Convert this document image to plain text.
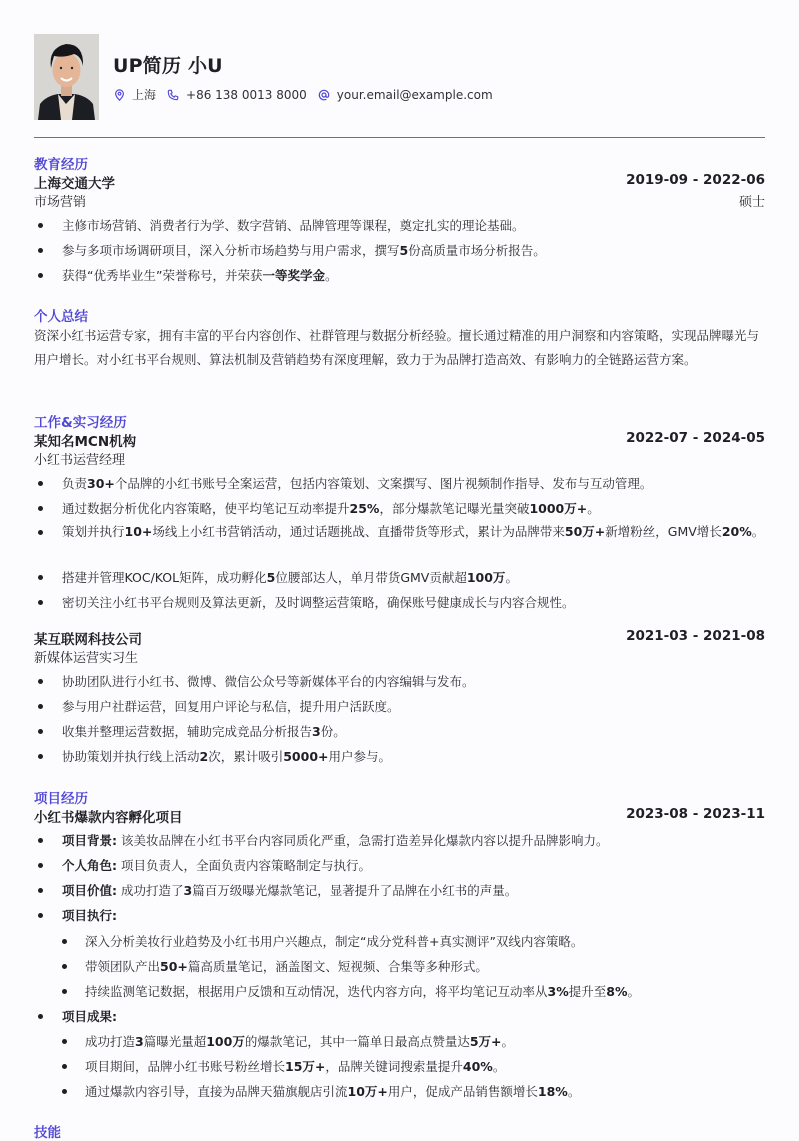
UP简历 小U
上海	+86 138 0013 8000	your.email@example.com
教育经历
上海交通大学	2019-09 - 2022-06
市场营销	硕士
主修市场营销、消费者行为学、数字营销、品牌管理等课程，奠定扎实的理论基础。
参与多项市场调研项目，深入分析市场趋势与用户需求，撰写5份高质量市场分析报告。
获得“优秀毕业生”荣誉称号，并荣获一等奖学金。
个人总结
资深小红书运营专家，拥有丰富的平台内容创作、社群管理与数据分析经验。擅长通过精准的用户洞察和内容策略，实现品牌曝光与用户增长。对小红书平台规则、算法机制及营销趋势有深度理解，致力于为品牌打造高效、有影响力的全链路运营方案。
工作&实习经历
某知名MCN机构	2022-07 - 2024-05
小红书运营经理
负责30+个品牌的小红书账号全案运营，包括内容策划、文案撰写、图片视频制作指导、发布与互动管理。
通过数据分析优化内容策略，使平均笔记互动率提升25%，部分爆款笔记曝光量突破1000万+。
策划并执行10+场线上小红书营销活动，通过话题挑战、直播带货等形式，累计为品牌带来50万+新增粉丝，GMV增长20%。
搭建并管理KOC/KOL矩阵，成功孵化5位腰部达人，单月带货GMV贡献超100万。
密切关注小红书平台规则及算法更新，及时调整运营策略，确保账号健康成长与内容合规性。
某互联网科技公司	2021-03 - 2021-08
新媒体运营实习生
协助团队进行小红书、微博、微信公众号等新媒体平台的内容编辑与发布。
参与用户社群运营，回复用户评论与私信，提升用户活跃度。
收集并整理运营数据，辅助完成竞品分析报告3份。
协助策划并执行线上活动2次，累计吸引5000+用户参与。
项目经历
小红书爆款内容孵化项目	2023-08 - 2023-11
项目背景: 该美妆品牌在小红书平台内容同质化严重，急需打造差异化爆款内容以提升品牌影响力。
个人角色: 项目负责人，全面负责内容策略制定与执行。
项目价值: 成功打造了3篇百万级曝光爆款笔记，显著提升了品牌在小红书的声量。
项目执行:
深入分析美妆行业趋势及小红书用户兴趣点，制定“成分党科普+真实测评”双线内容策略。
带领团队产出50+篇高质量笔记，涵盖图文、短视频、合集等多种形式。
持续监测笔记数据，根据用户反馈和互动情况，迭代内容方向，将平均笔记互动率从3%提升至8%。
项目成果:
成功打造3篇曝光量超100万的爆款笔记，其中一篇单日最高点赞量达5万+。
项目期间，品牌小红书账号粉丝增长15万+，品牌关键词搜索量提升40%。
通过爆款内容引导，直接为品牌天猫旗舰店引流10万+用户，促成产品销售额增长18%。
技能
